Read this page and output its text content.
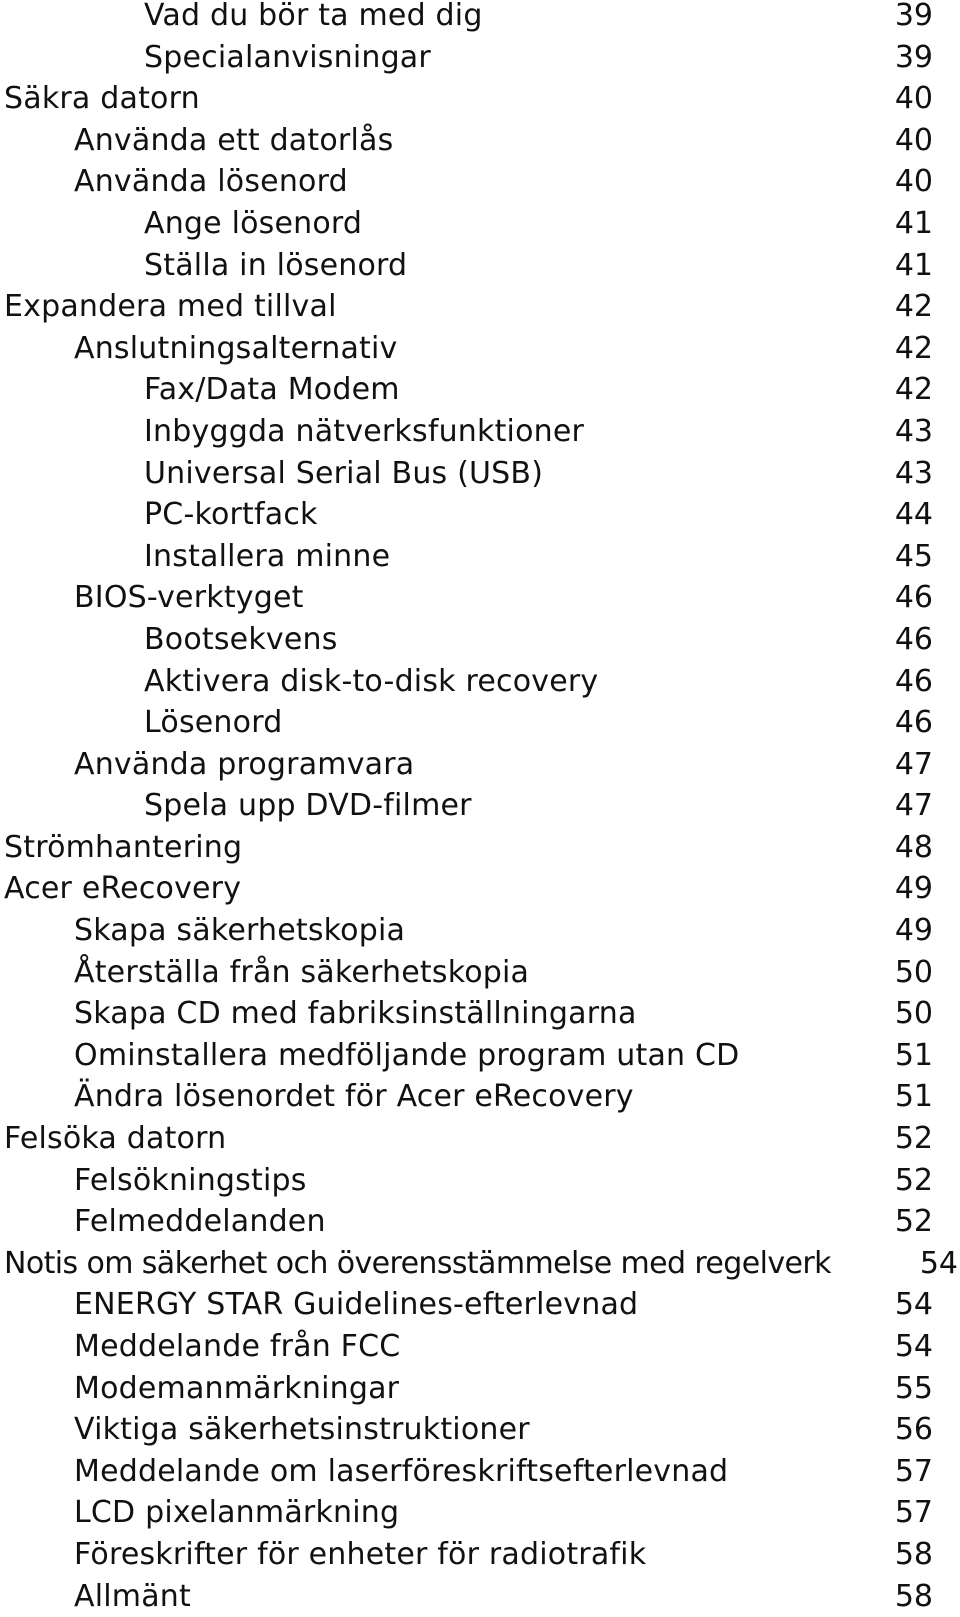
Vad du bör ta med dig	39
Specialanvisningar	39
Säkra datorn	40
Använda ett datorlås	40
Använda lösenord	40
Ange lösenord	41
Ställa in lösenord	41
Expandera med tillval	42
Anslutningsalternativ	42
Fax/Data Modem	42
Inbyggda nätverksfunktioner	43
Universal Serial Bus (USB)	43
PC-kortfack	44
Installera minne	45
BIOS-verktyget	46
Bootsekvens	46
Aktivera disk-to-disk recovery	46
Lösenord	46
Använda programvara	47
Spela upp DVD-filmer	47
Strömhantering	48
Acer eRecovery	49
Skapa säkerhetskopia	49
Återställa från säkerhetskopia	50
Skapa CD med fabriksinställningarna	50
Ominstallera medföljande program utan CD	51
Ändra lösenordet för Acer eRecovery	51
Felsöka datorn	52
Felsökningstips	52
Felmeddelanden	52
Notis om säkerhet och överensstämmelse med regelverk	54
ENERGY STAR Guidelines-efterlevnad	54
Meddelande från FCC	54
Modemanmärkningar	55
Viktiga säkerhetsinstruktioner	56
Meddelande om laserföreskriftsefterlevnad	57
LCD pixelanmärkning	57
Föreskrifter för enheter för radiotrafik	58
Allmänt	58
